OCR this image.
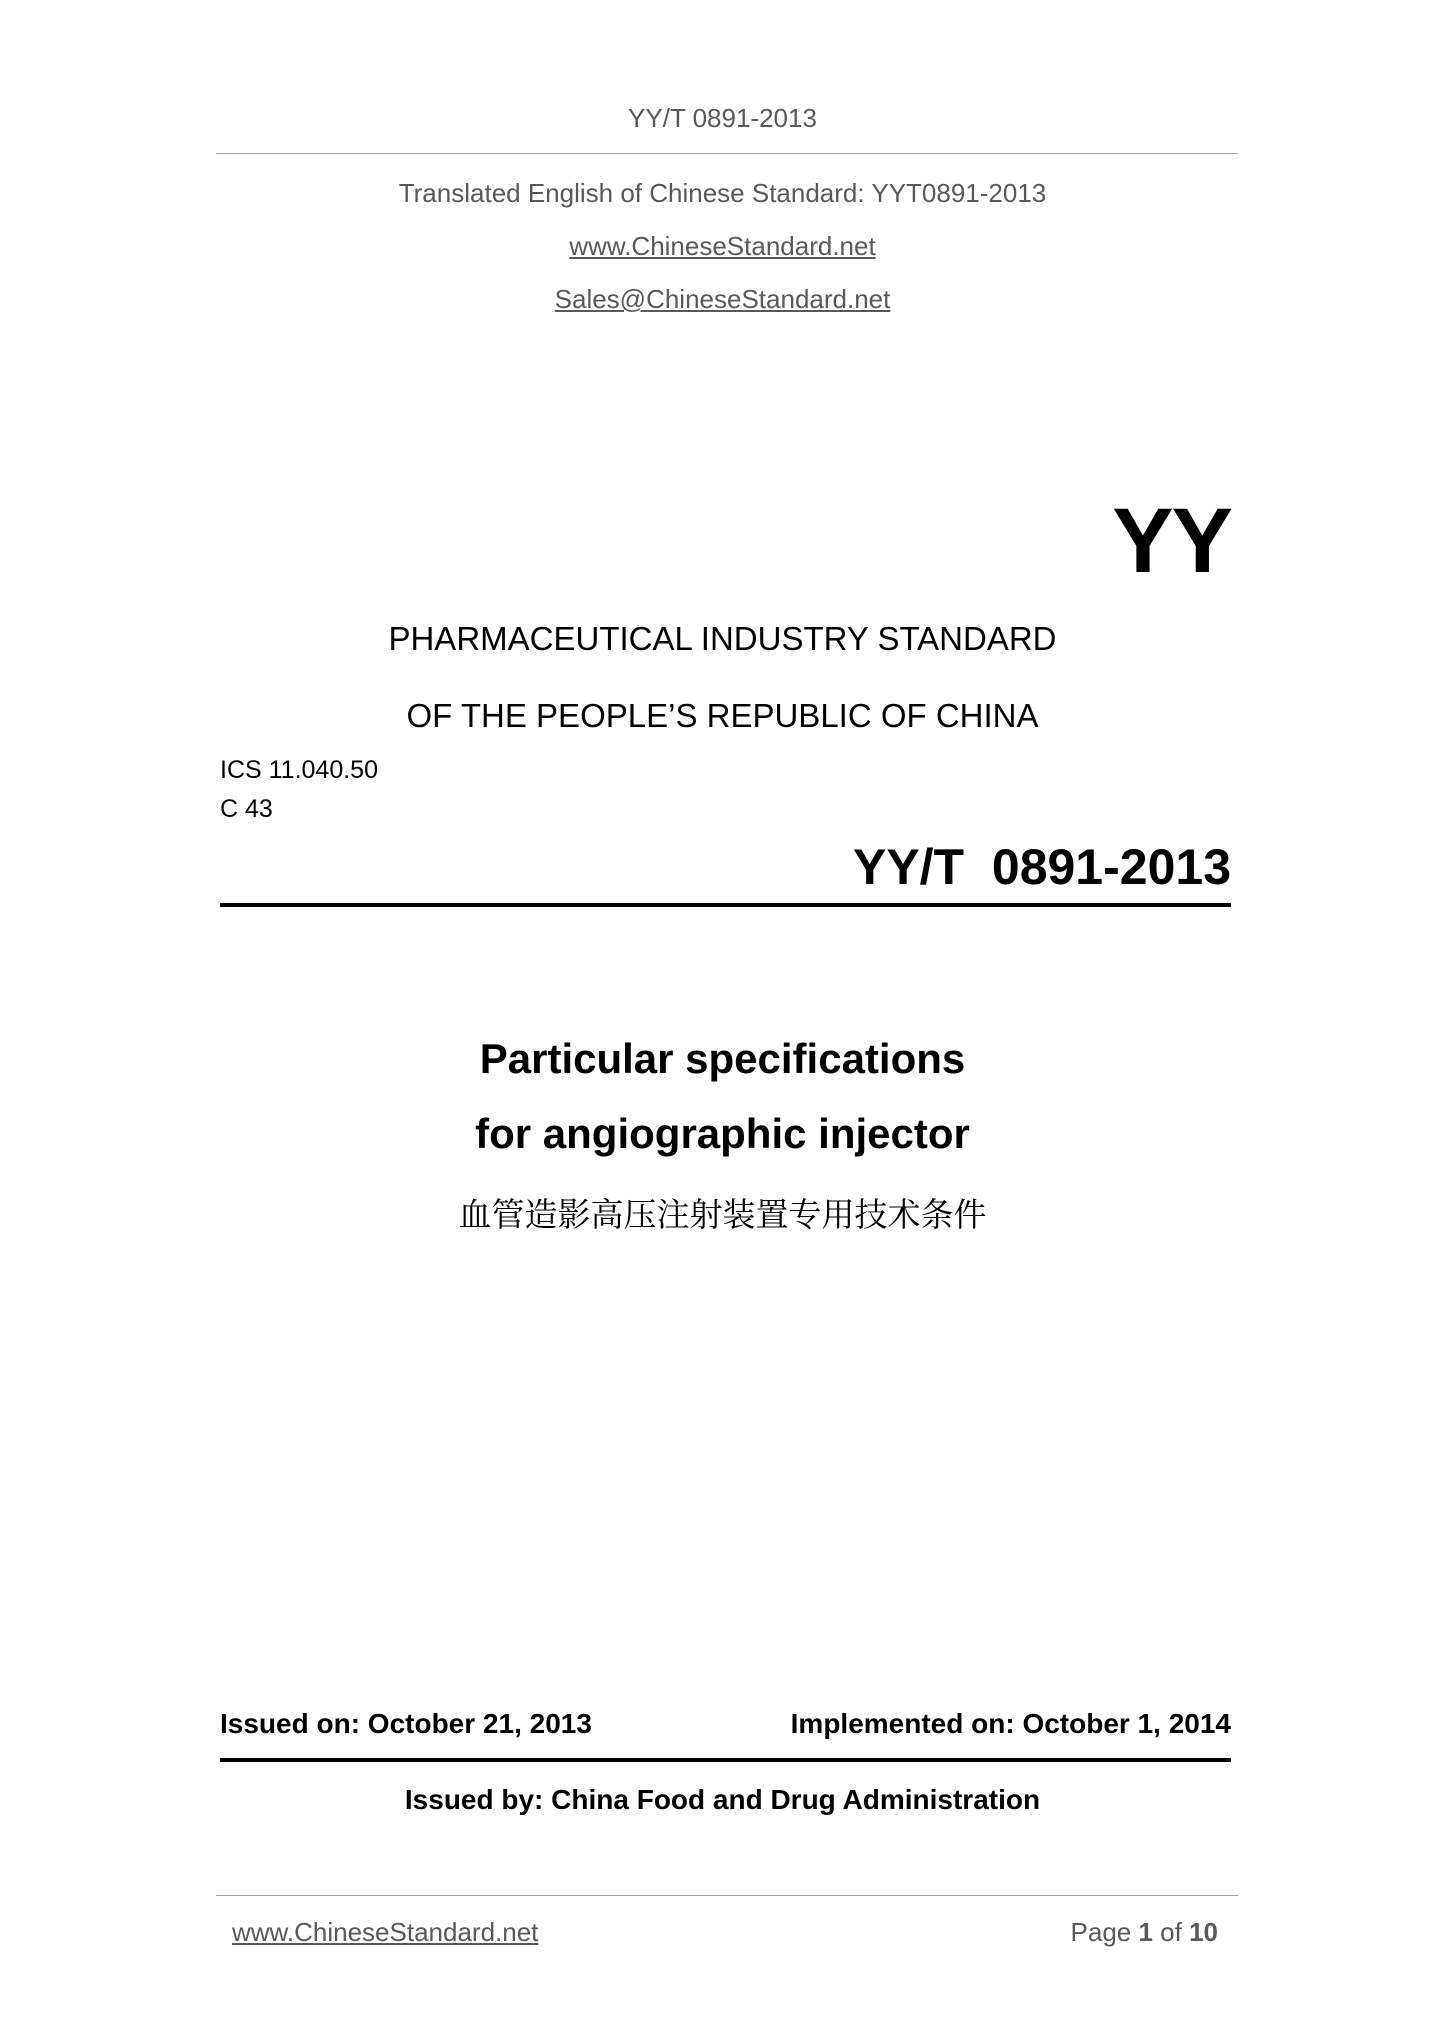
YY/T 0891-2013
Translated English of Chinese Standard: YYT0891-2013
www.ChineseStandard.net
Sales@ChineseStandard.net
YY
PHARMACEUTICAL INDUSTRY STANDARD
OF THE PEOPLE’S REPUBLIC OF CHINA
ICS 11.040.50
C 43
YY/T  0891-2013
Particular specifications
for angiographic injector
血管造影高压注射装置专用技术条件
Issued on: October 21, 2013	Implemented on: October 1, 2014
Issued by: China Food and Drug Administration
www.ChineseStandard.net	Page 1 of 10
